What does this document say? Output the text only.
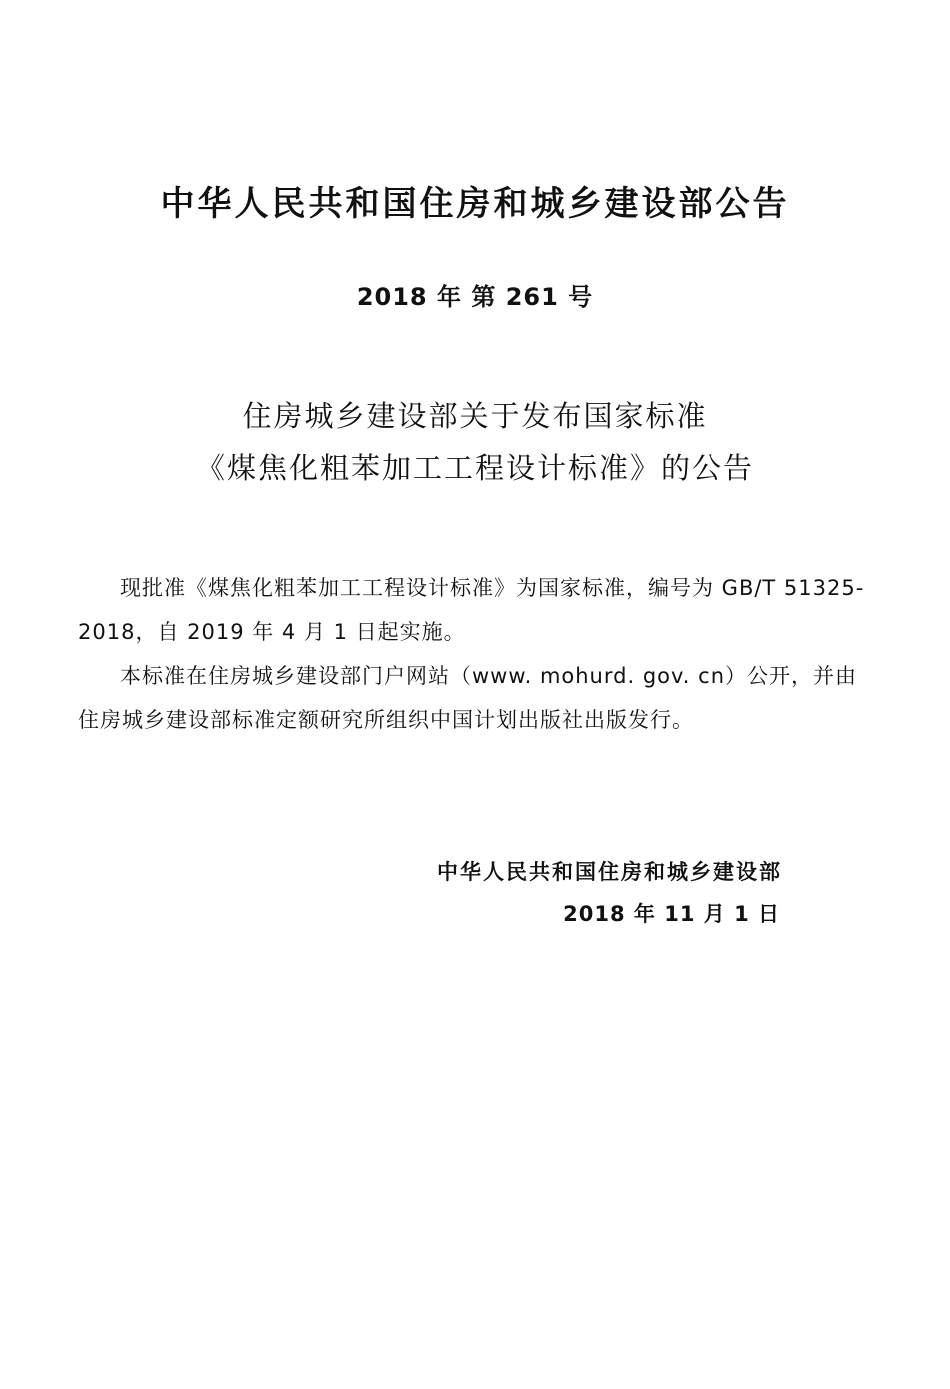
中华人民共和国住房和城乡建设部公告
2018 年 第 261 号
住房城乡建设部关于发布国家标准
《煤焦化粗苯加工工程设计标准》的公告

现批准《煤焦化粗苯加工工程设计标准》为国家标准，编号为 GB/T 51325- 2018，自 2019 年 4 月 1 日起实施。

本标准在住房城乡建设部门户网站（www. mohurd. gov. cn）公开，并由住房城乡建设部标准定额研究所组织中国计划出版社出版发行。

中华人民共和国住房和城乡建设部
2018 年 11 月 1 日
